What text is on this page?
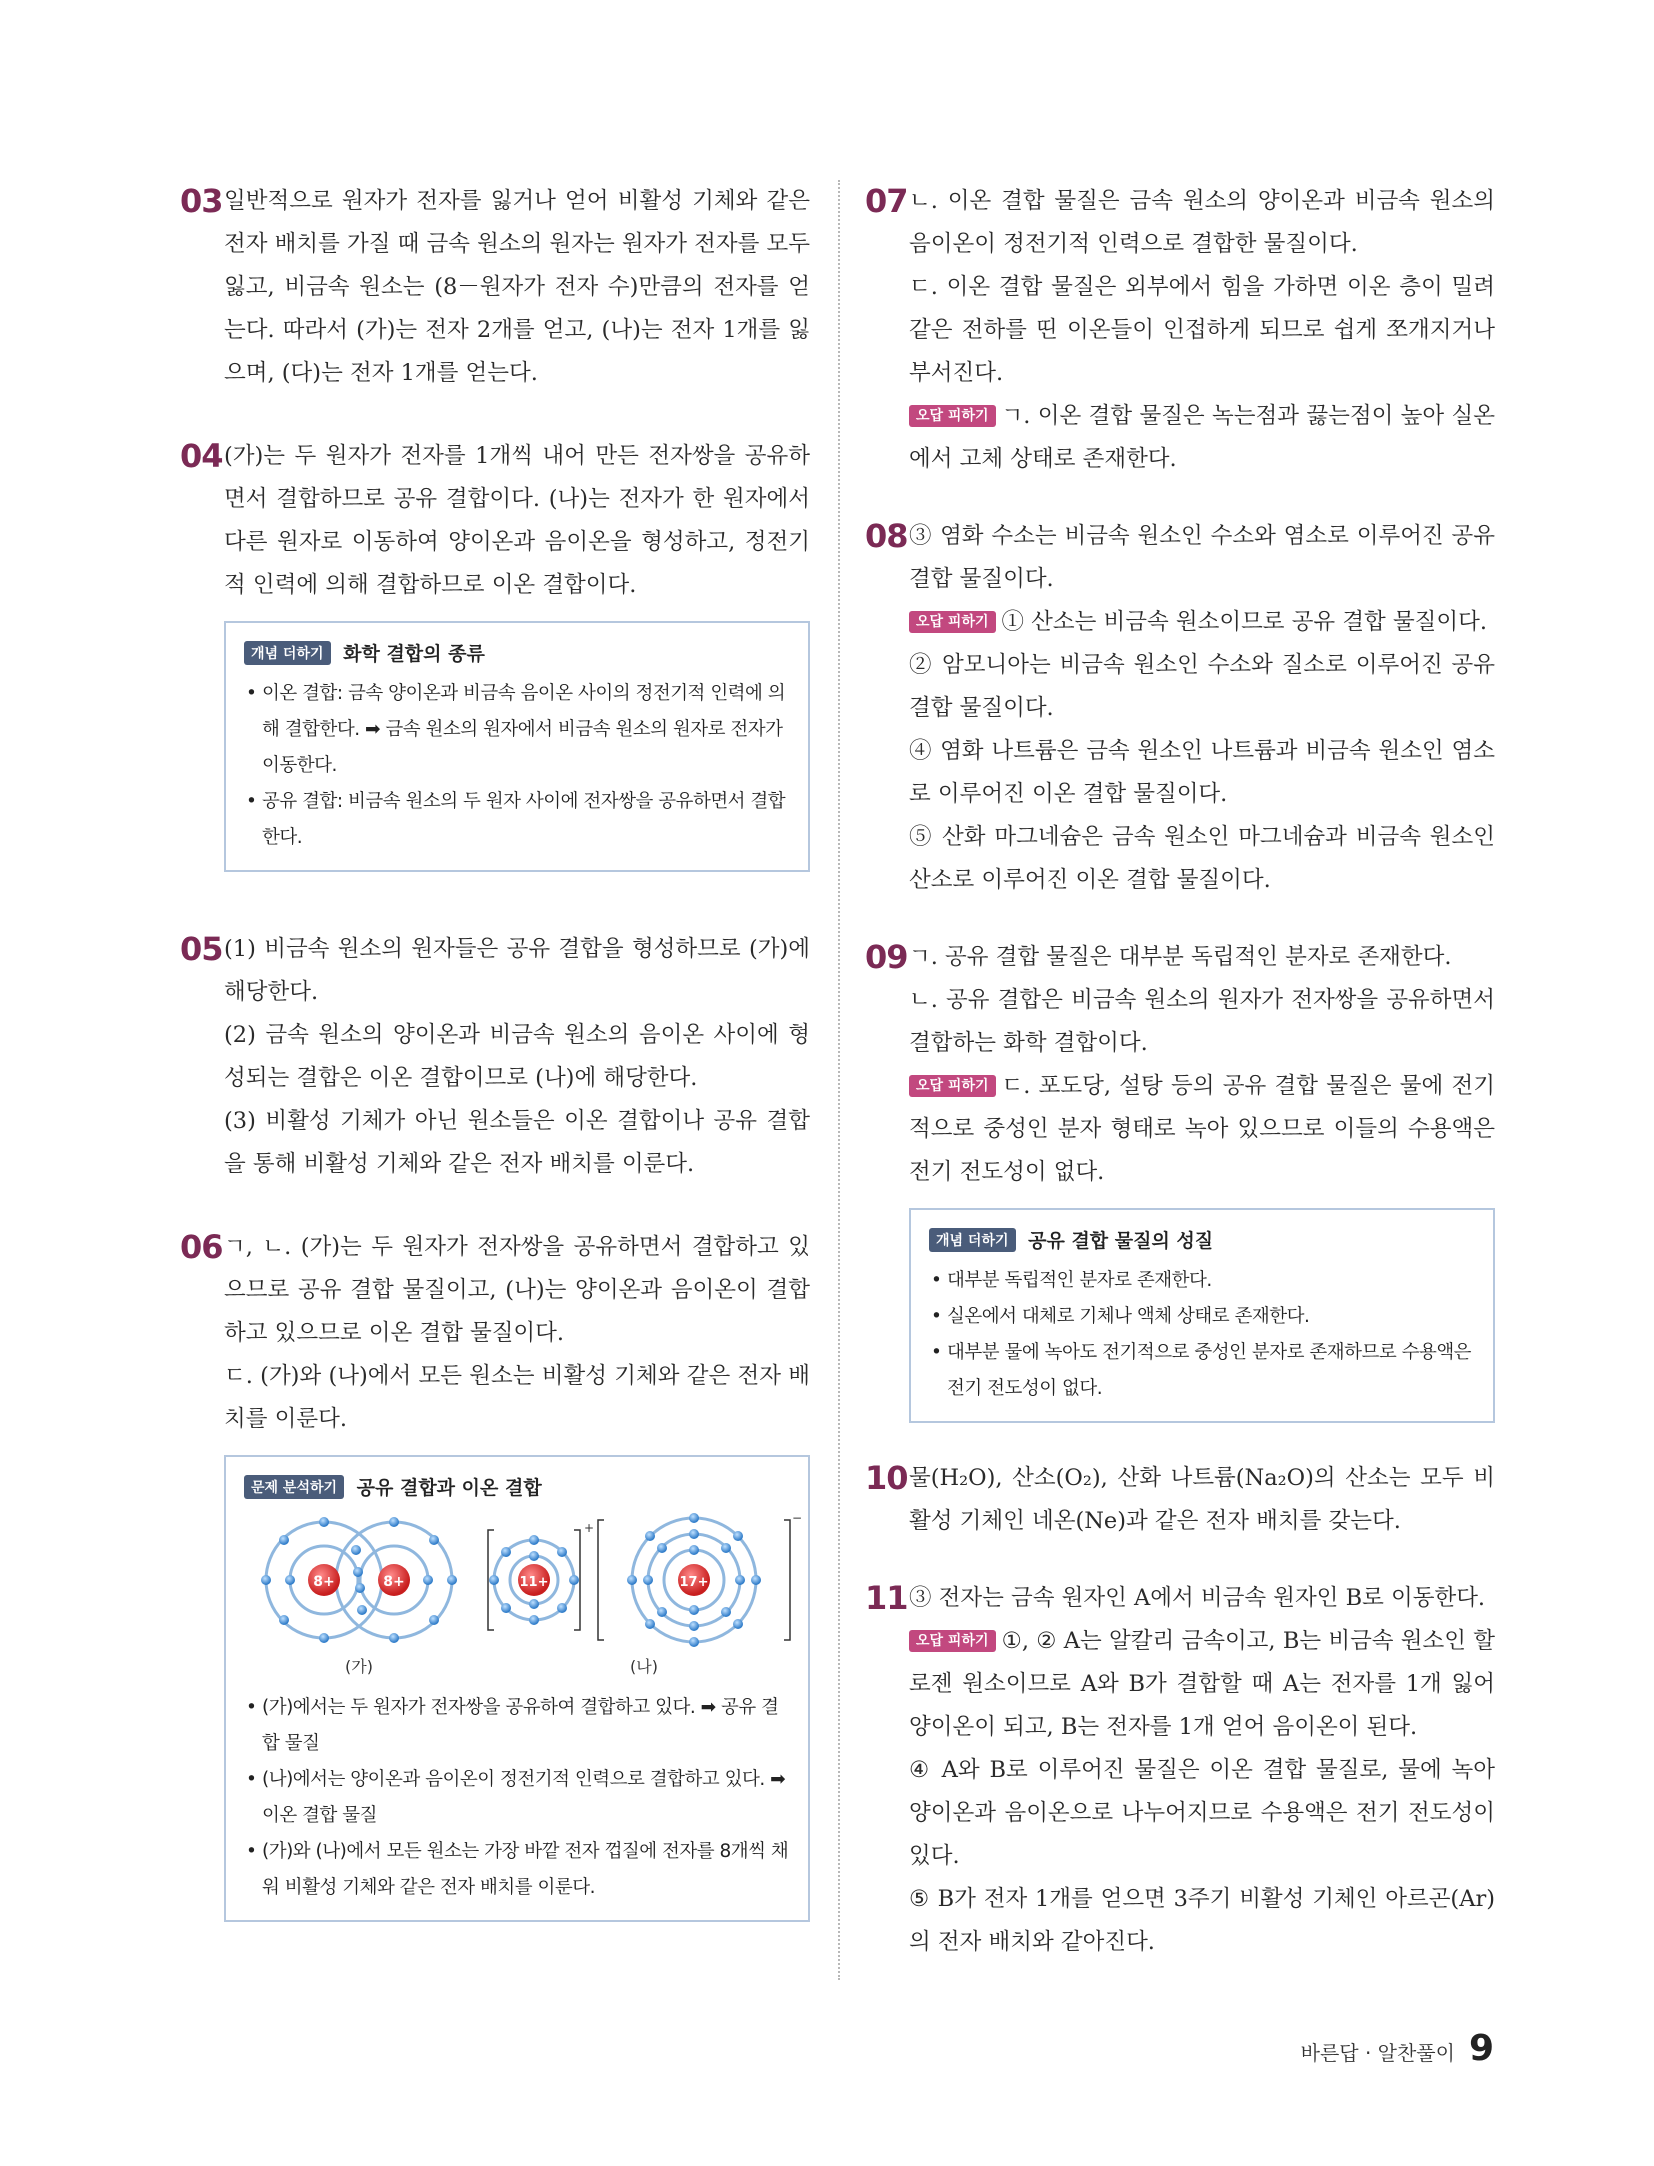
03 일반적으로 원자가 전자를 잃거나 얻어 비활성 기체와 같은 전자 배치를 가질 때 금속 원소의 원자는 원자가 전자를 모두 잃고, 비금속 원소는 (8－원자가 전자 수)만큼의 전자를 얻는다. 따라서 (가)는 전자 2개를 얻고, (나)는 전자 1개를 잃으며, (다)는 전자 1개를 얻는다.

04 (가)는 두 원자가 전자를 1개씩 내어 만든 전자쌍을 공유하면서 결합하므로 공유 결합이다. (나)는 전자가 한 원자에서 다른 원자로 이동하여 양이온과 음이온을 형성하고, 정전기적 인력에 의해 결합하므로 이온 결합이다.

개념 더하기 화학 결합의 종류
• 이온 결합: 금속 양이온과 비금속 음이온 사이의 정전기적 인력에 의해 결합한다. ➡ 금속 원소의 원자에서 비금속 원소의 원자로 전자가 이동한다.
• 공유 결합: 비금속 원소의 두 원자 사이에 전자쌍을 공유하면서 결합한다.
05 (1) 비금속 원소의 원자들은 공유 결합을 형성하므로 (가)에 해당한다.

(2) 금속 원소의 양이온과 비금속 원소의 음이온 사이에 형성되는 결합은 이온 결합이므로 (나)에 해당한다.

(3) 비활성 기체가 아닌 원소들은 이온 결합이나 공유 결합을 통해 비활성 기체와 같은 전자 배치를 이룬다.

06 ㄱ, ㄴ. (가)는 두 원자가 전자쌍을 공유하면서 결합하고 있으므로 공유 결합 물질이고, (나)는 양이온과 음이온이 결합하고 있으므로 이온 결합 물질이다.

ㄷ. (가)와 (나)에서 모든 원소는 비활성 기체와 같은 전자 배치를 이룬다.

문제 분석하기 공유 결합과 이온 결합
8+	8+
+
11+
−
17+
(가)	(나)
• (가)에서는 두 원자가 전자쌍을 공유하여 결합하고 있다. ➡ 공유 결합 물질
• (나)에서는 양이온과 음이온이 정전기적 인력으로 결합하고 있다. ➡ 이온 결합 물질
• (가)와 (나)에서 모든 원소는 가장 바깥 전자 껍질에 전자를 8개씩 채워 비활성 기체와 같은 전자 배치를 이룬다.
07 ㄴ. 이온 결합 물질은 금속 원소의 양이온과 비금속 원소의 음이온이 정전기적 인력으로 결합한 물질이다.

ㄷ. 이온 결합 물질은 외부에서 힘을 가하면 이온 층이 밀려 같은 전하를 띤 이온들이 인접하게 되므로 쉽게 쪼개지거나 부서진다.

오답 피하기 ㄱ. 이온 결합 물질은 녹는점과 끓는점이 높아 실온에서 고체 상태로 존재한다.

08 ③ 염화 수소는 비금속 원소인 수소와 염소로 이루어진 공유 결합 물질이다.

오답 피하기 ① 산소는 비금속 원소이므로 공유 결합 물질이다.

② 암모니아는 비금속 원소인 수소와 질소로 이루어진 공유 결합 물질이다.

④ 염화 나트륨은 금속 원소인 나트륨과 비금속 원소인 염소로 이루어진 이온 결합 물질이다.

⑤ 산화 마그네슘은 금속 원소인 마그네슘과 비금속 원소인 산소로 이루어진 이온 결합 물질이다.

09 ㄱ. 공유 결합 물질은 대부분 독립적인 분자로 존재한다.

ㄴ. 공유 결합은 비금속 원소의 원자가 전자쌍을 공유하면서 결합하는 화학 결합이다.

오답 피하기 ㄷ. 포도당, 설탕 등의 공유 결합 물질은 물에 전기적으로 중성인 분자 형태로 녹아 있으므로 이들의 수용액은 전기 전도성이 없다.

개념 더하기 공유 결합 물질의 성질
• 대부분 독립적인 분자로 존재한다.
• 실온에서 대체로 기체나 액체 상태로 존재한다.
• 대부분 물에 녹아도 전기적으로 중성인 분자로 존재하므로 수용액은 전기 전도성이 없다.
10 물(H₂O), 산소(O₂), 산화 나트륨(Na₂O)의 산소는 모두 비활성 기체인 네온(Ne)과 같은 전자 배치를 갖는다.

11 ③ 전자는 금속 원자인 A에서 비금속 원자인 B로 이동한다.

오답 피하기 ①, ② A는 알칼리 금속이고, B는 비금속 원소인 할로젠 원소이므로 A와 B가 결합할 때 A는 전자를 1개 잃어 양이온이 되고, B는 전자를 1개 얻어 음이온이 된다.

④ A와 B로 이루어진 물질은 이온 결합 물질로, 물에 녹아 양이온과 음이온으로 나누어지므로 수용액은 전기 전도성이 있다.

⑤ B가 전자 1개를 얻으면 3주기 비활성 기체인 아르곤(Ar)의 전자 배치와 같아진다.

바른답 · 알찬풀이 9
